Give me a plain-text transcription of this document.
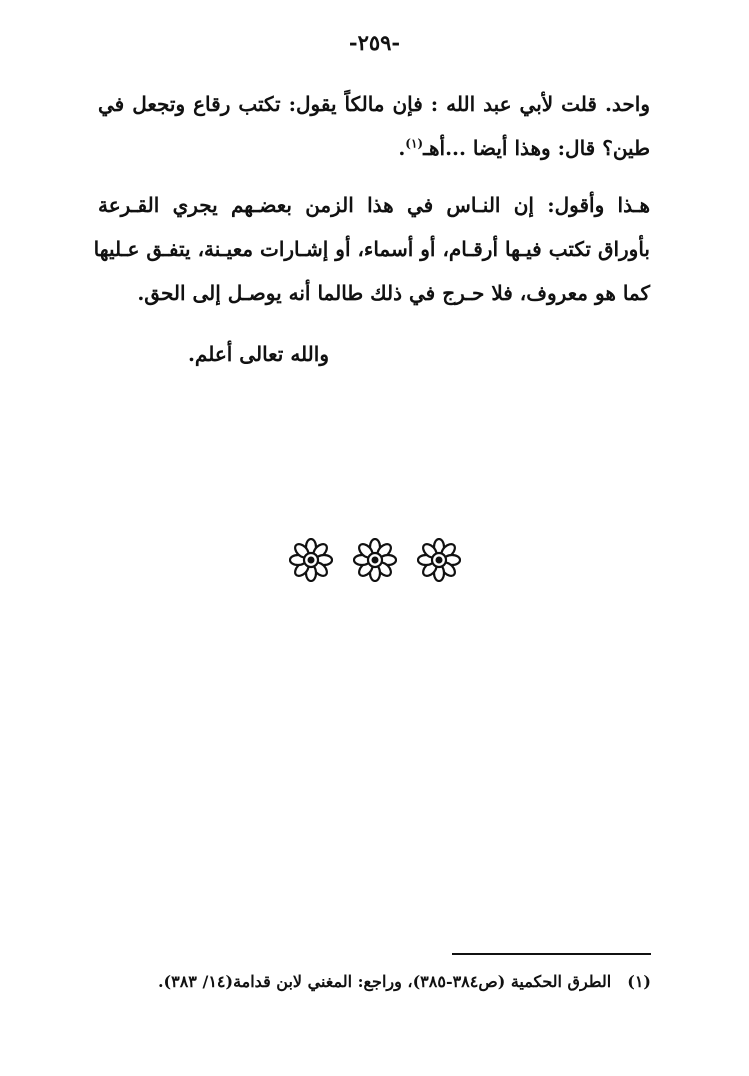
-٢٥٩-
واحد. قلت لأبي عبد الله : فإن مالكاً يقول: تكتب رقاع وتجعل في
طين؟ قال: وهذا أيضا ...أهـ$^{(١)}$.
هـذا وأقول: إن النـاس في هذا الزمن بعضـهم يجري القـرعة
بأوراق تكتب فيـها أرقـام، أو أسماء، أو إشـارات معيـنة، يتفـق عـليها
كما هو معروف، فلا حـرج في ذلك طالما أنه يوصـل إلى الحق.
والله تعالى أعلم.
(١)الطرق الحكمية (ص٣٨٤-٣٨٥)، وراجع: المغني لابن قدامة(١٤/ ٣٨٣).
